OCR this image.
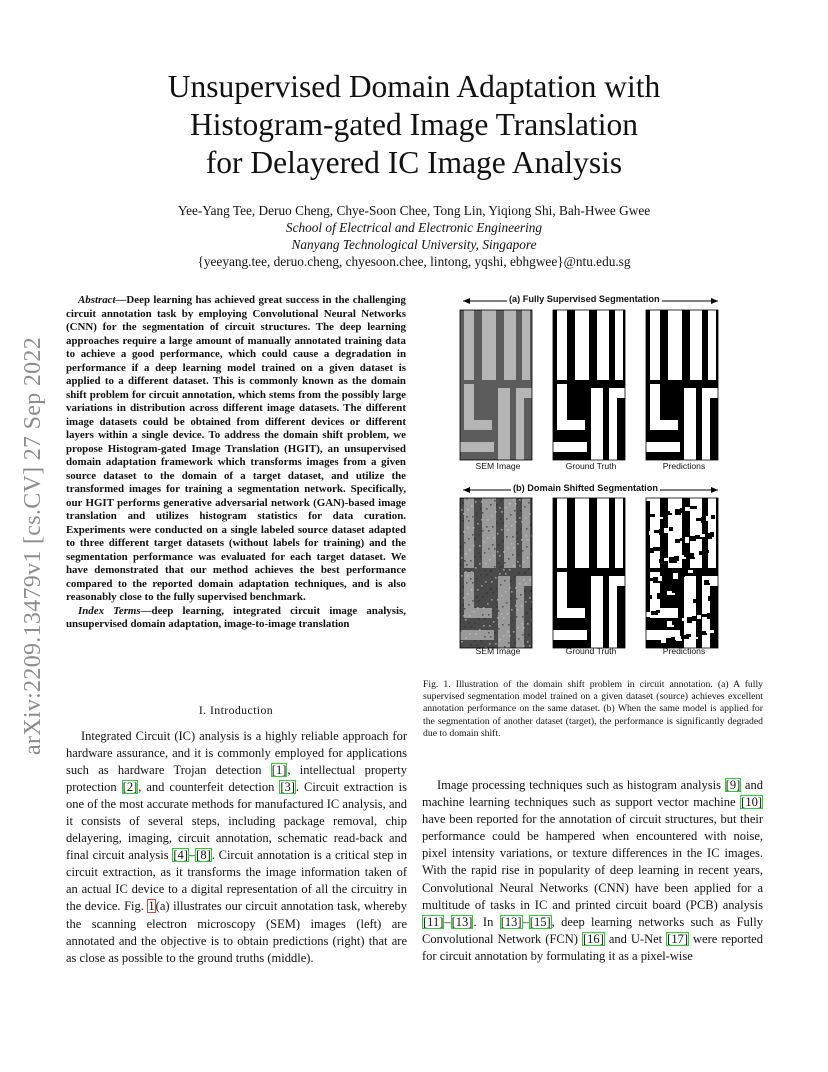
arXiv:2209.13479v1 [cs.CV] 27 Sep 2022
Unsupervised Domain Adaptation with
Histogram-gated Image Translation
for Delayered IC Image Analysis
Yee-Yang Tee, Deruo Cheng, Chye-Soon Chee, Tong Lin, Yiqiong Shi, Bah-Hwee Gwee
School of Electrical and Electronic Engineering
Nanyang Technological University, Singapore
{yeeyang.tee, deruo.cheng, chyesoon.chee, lintong, yqshi, ebhgwee}@ntu.edu.sg

Abstract—Deep learning has achieved great success in the challenging circuit annotation task by employing Convolutional Neural Networks (CNN) for the segmentation of circuit structures. The deep learning approaches require a large amount of manually annotated training data to achieve a good performance, which could cause a degradation in performance if a deep learning model trained on a given dataset is applied to a different dataset. This is commonly known as the domain shift problem for circuit annotation, which stems from the possibly large variations in distribution across different image datasets. The different image datasets could be obtained from different devices or different layers within a single device. To address the domain shift problem, we propose Histogram-gated Image Translation (HGIT), an unsupervised domain adaptation framework which transforms images from a given source dataset to the domain of a target dataset, and utilize the transformed images for training a segmentation network. Specifically, our HGIT performs generative adversarial network (GAN)-based image translation and utilizes histogram statistics for data curation. Experiments were conducted on a single labeled source dataset adapted to three different target datasets (without labels for training) and the segmentation performance was evaluated for each target dataset. We have demonstrated that our method achieves the best performance compared to the reported domain adaptation techniques, and is also reasonably close to the fully supervised benchmark.

Index Terms—deep learning, integrated circuit image analysis, unsupervised domain adaptation, image-to-image translation

I. Introduction

Integrated Circuit (IC) analysis is a highly reliable approach for hardware assurance, and it is commonly employed for applications such as hardware Trojan detection [1], intellectual property protection [2], and counterfeit detection [3]. Circuit extraction is one of the most accurate methods for manufactured IC analysis, and it consists of several steps, including package removal, chip delayering, imaging, circuit annotation, schematic read-back and final circuit analysis [4]–[8]. Circuit annotation is a critical step in circuit extraction, as it transforms the image information taken of an actual IC device to a digital representation of all the circuitry in the device. Fig. 1(a) illustrates our circuit annotation task, whereby the scanning electron microscopy (SEM) images (left) are annotated and the objective is to obtain predictions (right) that are as close as possible to the ground truths (middle).

(a) Fully Supervised Segmentation
(b) Domain Shifted Segmentation
SEM Image	Ground Truth	Predictions
SEM Image	Ground Truth	Predictions
Fig. 1. Illustration of the domain shift problem in circuit annotation. (a) A fully supervised segmentation model trained on a given dataset (source) achieves excellent annotation performance on the same dataset. (b) When the same model is applied for the segmentation of another dataset (target), the performance is significantly degraded due to domain shift.

Image processing techniques such as histogram analysis [9] and machine learning techniques such as support vector machine [10] have been reported for the annotation of circuit structures, but their performance could be hampered when encountered with noise, pixel intensity variations, or texture differences in the IC images. With the rapid rise in popularity of deep learning in recent years, Convolutional Neural Networks (CNN) have been applied for a multitude of tasks in IC and printed circuit board (PCB) analysis [11]–[13]. In [13]–[15], deep learning networks such as Fully Convolutional Network (FCN) [16] and U-Net [17] were reported for circuit annotation by formulating it as a pixel-wise
